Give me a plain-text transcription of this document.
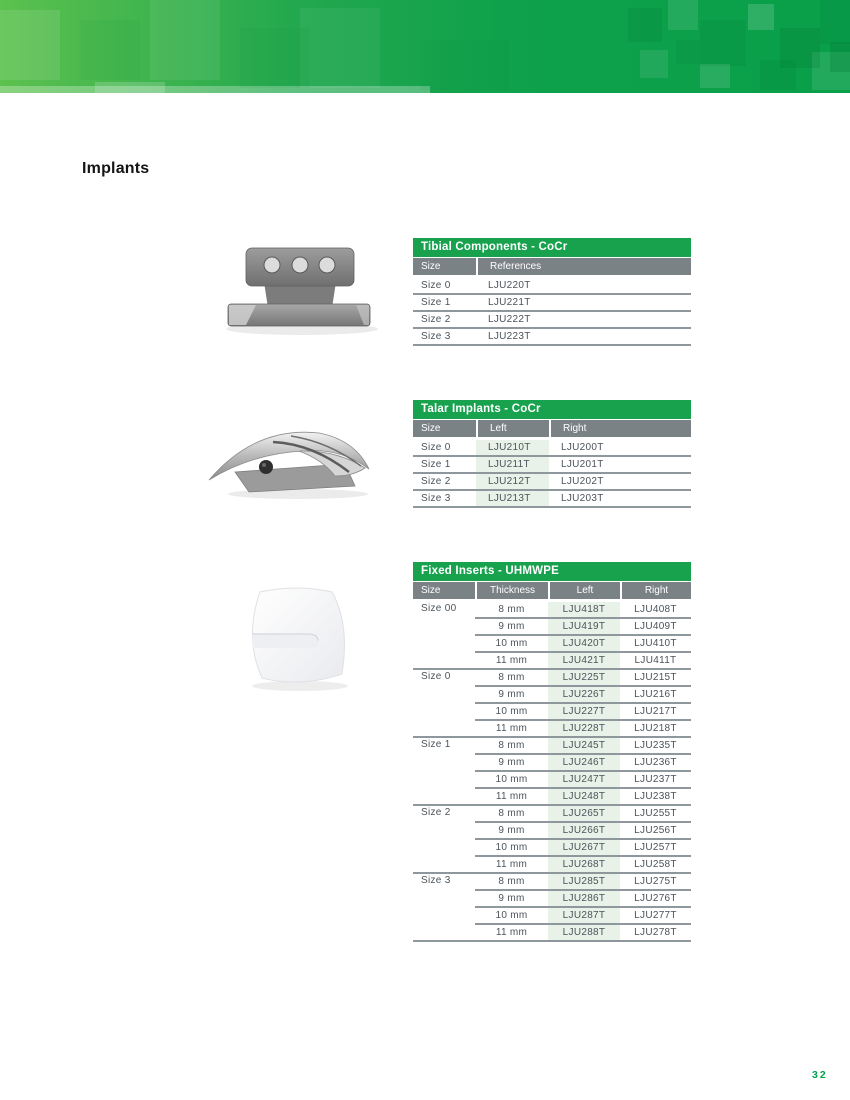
Implants
Tibial Components - CoCr
Size	References
Size 0	LJU220T
Size 1	LJU221T
Size 2	LJU222T
Size 3	LJU223T
Talar Implants - CoCr
Size	Left	Right
Size 0	LJU210T	LJU200T
Size 1	LJU211T	LJU201T
Size 2	LJU212T	LJU202T
Size 3	LJU213T	LJU203T
Fixed Inserts - UHMWPE
Size	Thickness	Left	Right
Size 00	8 mm	LJU418T	LJU408T
9 mm	LJU419T	LJU409T
10 mm	LJU420T	LJU410T
11 mm	LJU421T	LJU411T
Size 0	8 mm	LJU225T	LJU215T
9 mm	LJU226T	LJU216T
10 mm	LJU227T	LJU217T
11 mm	LJU228T	LJU218T
Size 1	8 mm	LJU245T	LJU235T
9 mm	LJU246T	LJU236T
10 mm	LJU247T	LJU237T
11 mm	LJU248T	LJU238T
Size 2	8 mm	LJU265T	LJU255T
9 mm	LJU266T	LJU256T
10 mm	LJU267T	LJU257T
11 mm	LJU268T	LJU258T
Size 3	8 mm	LJU285T	LJU275T
9 mm	LJU286T	LJU276T
10 mm	LJU287T	LJU277T
11 mm	LJU288T	LJU278T
32
